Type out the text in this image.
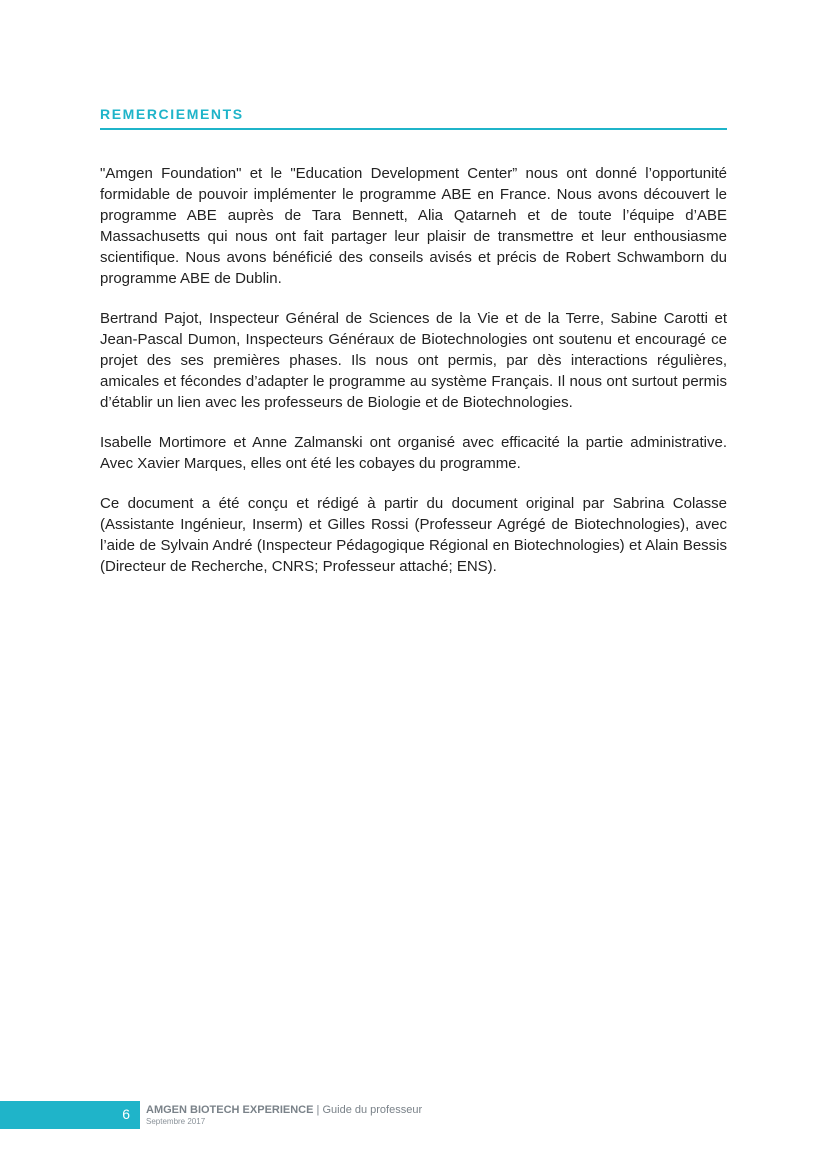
REMERCIEMENTS

"Amgen Foundation" et le "Education Development Center” nous ont donné l’opportunité formidable de pouvoir implémenter le programme ABE en France. Nous avons découvert le programme ABE auprès de Tara Bennett, Alia Qatarneh et de toute l’équipe d’ABE Massachusetts qui nous ont fait partager leur plaisir de transmettre et leur enthousiasme scientifique. Nous avons bénéficié des conseils avisés et précis de Robert Schwamborn du programme ABE de Dublin.

Bertrand Pajot, Inspecteur Général de Sciences de la Vie et de la Terre, Sabine Carotti et Jean-Pascal Dumon, Inspecteurs Généraux de Biotechnologies ont soutenu et encouragé ce projet des ses premières phases. Ils nous ont permis, par dès interactions régulières, amicales et fécondes d’adapter le programme au système Français. Il nous ont surtout permis d’établir un lien avec les professeurs de Biologie et de Biotechnologies.

Isabelle Mortimore et Anne Zalmanski ont organisé avec efficacité la partie administrative. Avec Xavier Marques, elles ont été les cobayes du programme.

Ce document a été conçu et rédigé à partir du document original par Sabrina Colasse (Assistante Ingénieur, Inserm) et Gilles Rossi (Professeur Agrégé de Biotechnologies), avec l’aide de Sylvain André (Inspecteur Pédagogique Régional en Biotechnologies) et Alain Bessis (Directeur de Recherche, CNRS; Professeur attaché; ENS).

6 AMGEN BIOTECH EXPERIENCE | Guide du professeur
Septembre 2017
